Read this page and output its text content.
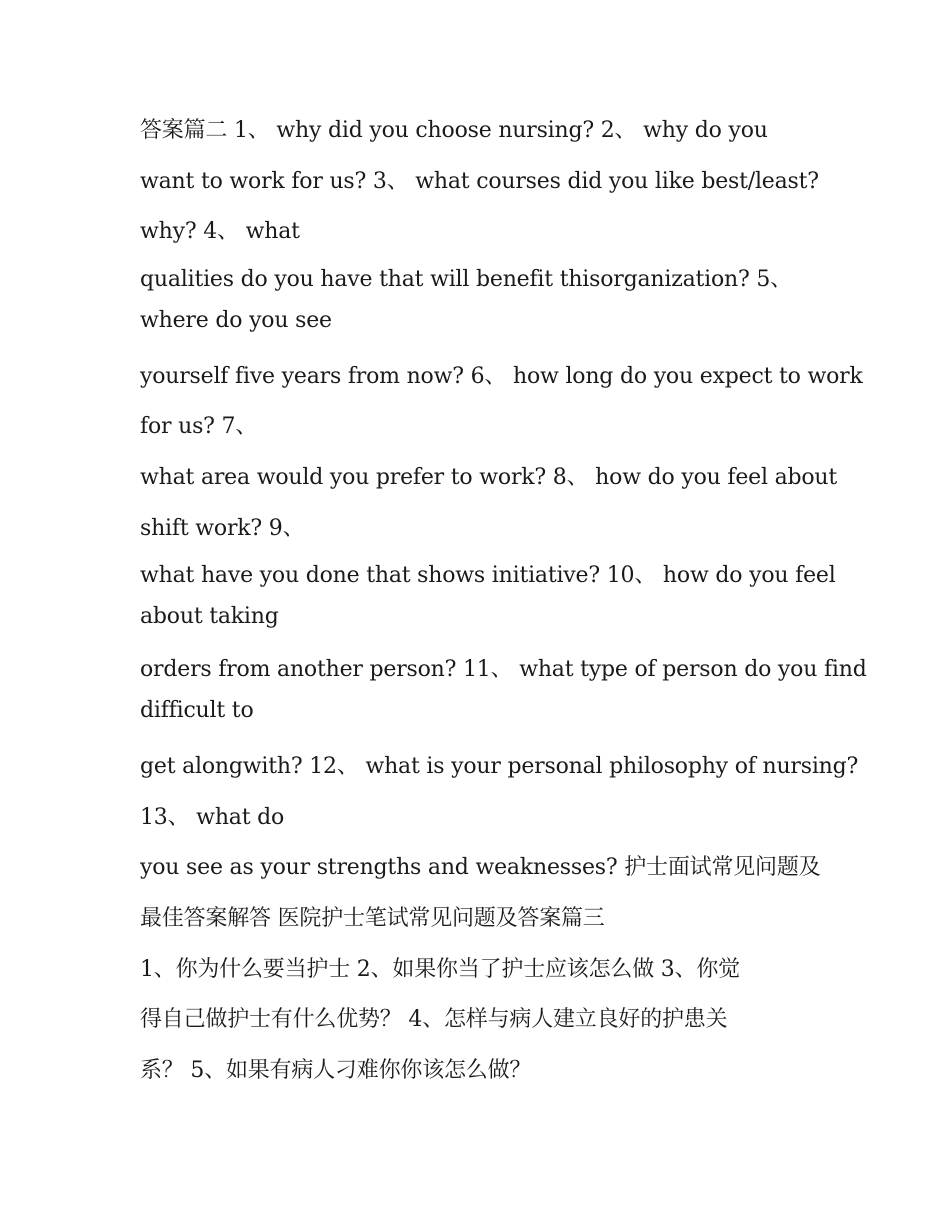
答案篇二 1、 why did you choose nursing? 2、 why do you
want to work for us? 3、 what courses did you like best/least?
why? 4、 what
qualities do you have that will benefit thisorganization? 5、
where do you see
yourself five years from now? 6、 how long do you expect to work
for us? 7、
what area would you prefer to work? 8、 how do you feel about
shift work? 9、
what have you done that shows initiative? 10、 how do you feel
about taking
orders from another person? 11、 what type of person do you find
difficult to
get alongwith? 12、 what is your personal philosophy of nursing?
13、 what do
you see as your strengths and weaknesses? 护士面试常见问题及
最佳答案解答 医院护士笔试常见问题及答案篇三
1、你为什么要当护士 2、如果你当了护士应该怎么做 3、你觉
得自己做护士有什么优势？ 4、怎样与病人建立良好的护患关
系？ 5、如果有病人刁难你你该怎么做？
